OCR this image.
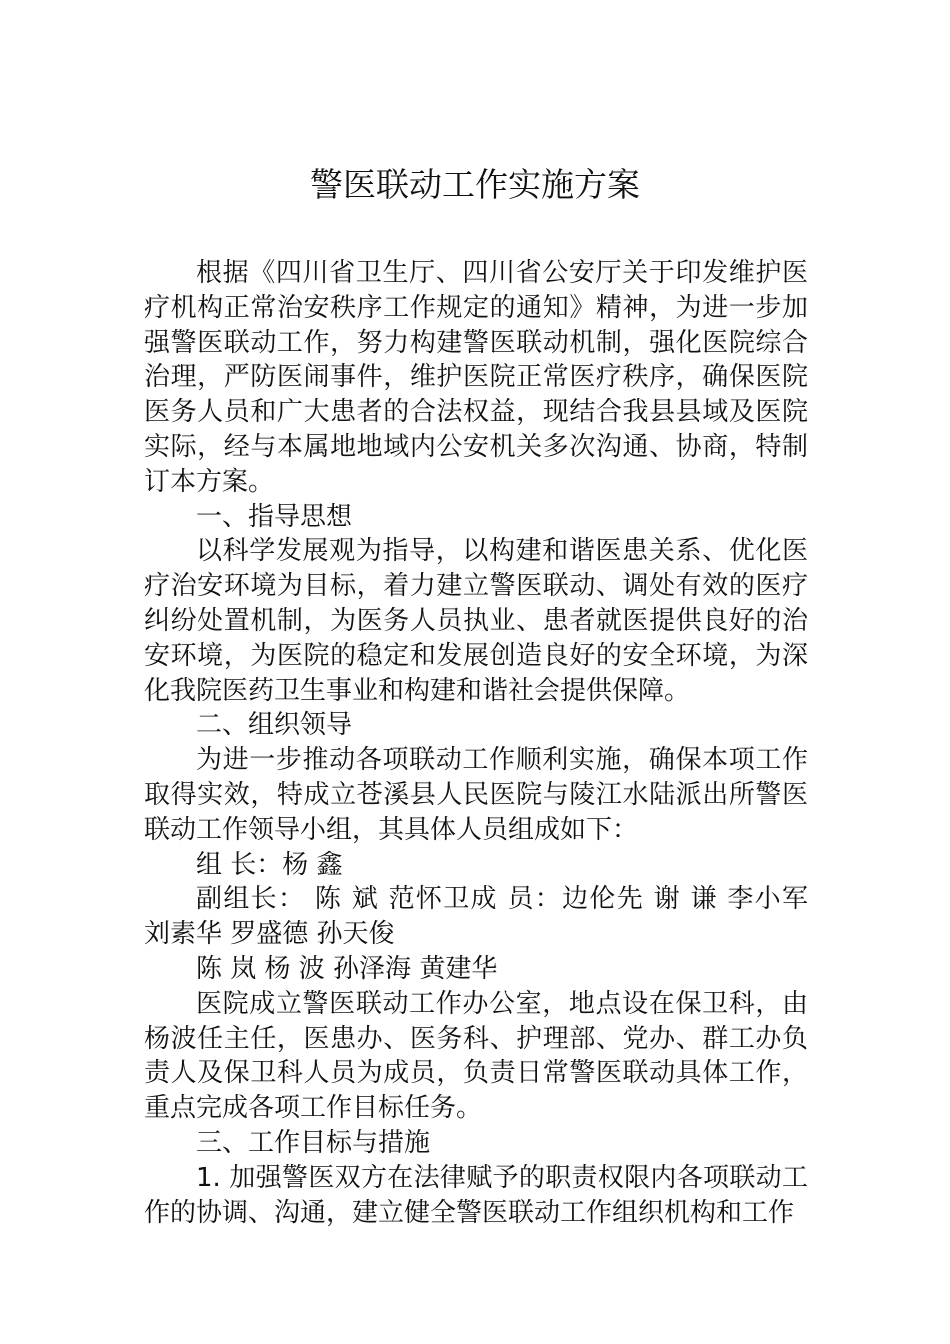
警医联动工作实施方案

根据《四川省卫生厅、四川省公安厅关于印发维护医疗机构正常治安秩序工作规定的通知》精神，为进一步加强警医联动工作，努力构建警医联动机制，强化医院综合治理，严防医闹事件，维护医院正常医疗秩序，确保医院医务人员和广大患者的合法权益，现结合我县县域及医院实际，经与本属地地域内公安机关多次沟通、协商，特制订本方案。

一、指导思想

以科学发展观为指导，以构建和谐医患关系、优化医疗治安环境为目标，着力建立警医联动、调处有效的医疗纠纷处置机制，为医务人员执业、患者就医提供良好的治安环境，为医院的稳定和发展创造良好的安全环境，为深化我院医药卫生事业和构建和谐社会提供保障。

二、组织领导

为进一步推动各项联动工作顺利实施，确保本项工作取得实效，特成立苍溪县人民医院与陵江水陆派出所警医联动工作领导小组，其具体人员组成如下：

组 长：杨 鑫

副组长： 陈 斌 范怀卫成 员：边伦先 谢 谦 李小军 刘素华 罗盛德 孙天俊

陈 岚 杨 波 孙泽海 黄建华

医院成立警医联动工作办公室，地点设在保卫科，由杨波任主任，医患办、医务科、护理部、党办、群工办负责人及保卫科人员为成员，负责日常警医联动具体工作，重点完成各项工作目标任务。

三、工作目标与措施

1. 加强警医双方在法律赋予的职责权限内各项联动工作的协调、沟通，建立健全警医联动工作组织机构和工作
